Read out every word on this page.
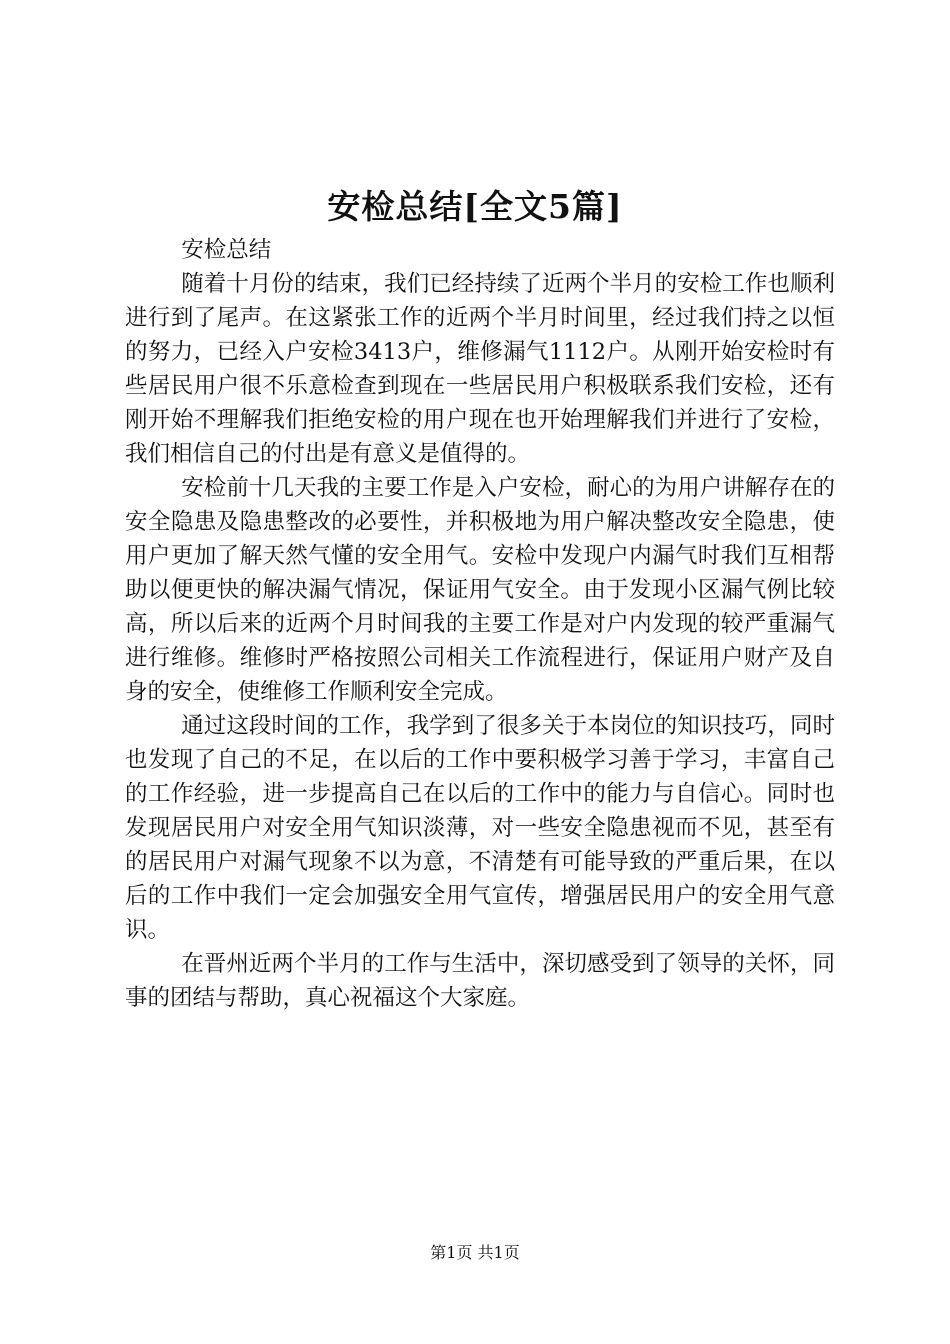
安检总结[全文5篇]

安检总结

随着十月份的结束，我们已经持续了近两个半月的安检工作也顺利进行到了尾声。在这紧张工作的近两个半月时间里，经过我们持之以恒的努力，已经入户安检3413户，维修漏气1112户。从刚开始安检时有些居民用户很不乐意检查到现在一些居民用户积极联系我们安检，还有刚开始不理解我们拒绝安检的用户现在也开始理解我们并进行了安检，我们相信自己的付出是有意义是值得的。

安检前十几天我的主要工作是入户安检，耐心的为用户讲解存在的安全隐患及隐患整改的必要性，并积极地为用户解决整改安全隐患，使用户更加了解天然气懂的安全用气。安检中发现户内漏气时我们互相帮助以便更快的解决漏气情况，保证用气安全。由于发现小区漏气例比较高，所以后来的近两个月时间我的主要工作是对户内发现的较严重漏气进行维修。维修时严格按照公司相关工作流程进行，保证用户财产及自身的安全，使维修工作顺利安全完成。

通过这段时间的工作，我学到了很多关于本岗位的知识技巧，同时也发现了自己的不足，在以后的工作中要积极学习善于学习，丰富自己的工作经验，进一步提高自己在以后的工作中的能力与自信心。同时也发现居民用户对安全用气知识淡薄，对一些安全隐患视而不见，甚至有的居民用户对漏气现象不以为意，不清楚有可能导致的严重后果，在以后的工作中我们一定会加强安全用气宣传，增强居民用户的安全用气意识。

在晋州近两个半月的工作与生活中，深切感受到了领导的关怀，同事的团结与帮助，真心祝福这个大家庭。

第1页 共1页
